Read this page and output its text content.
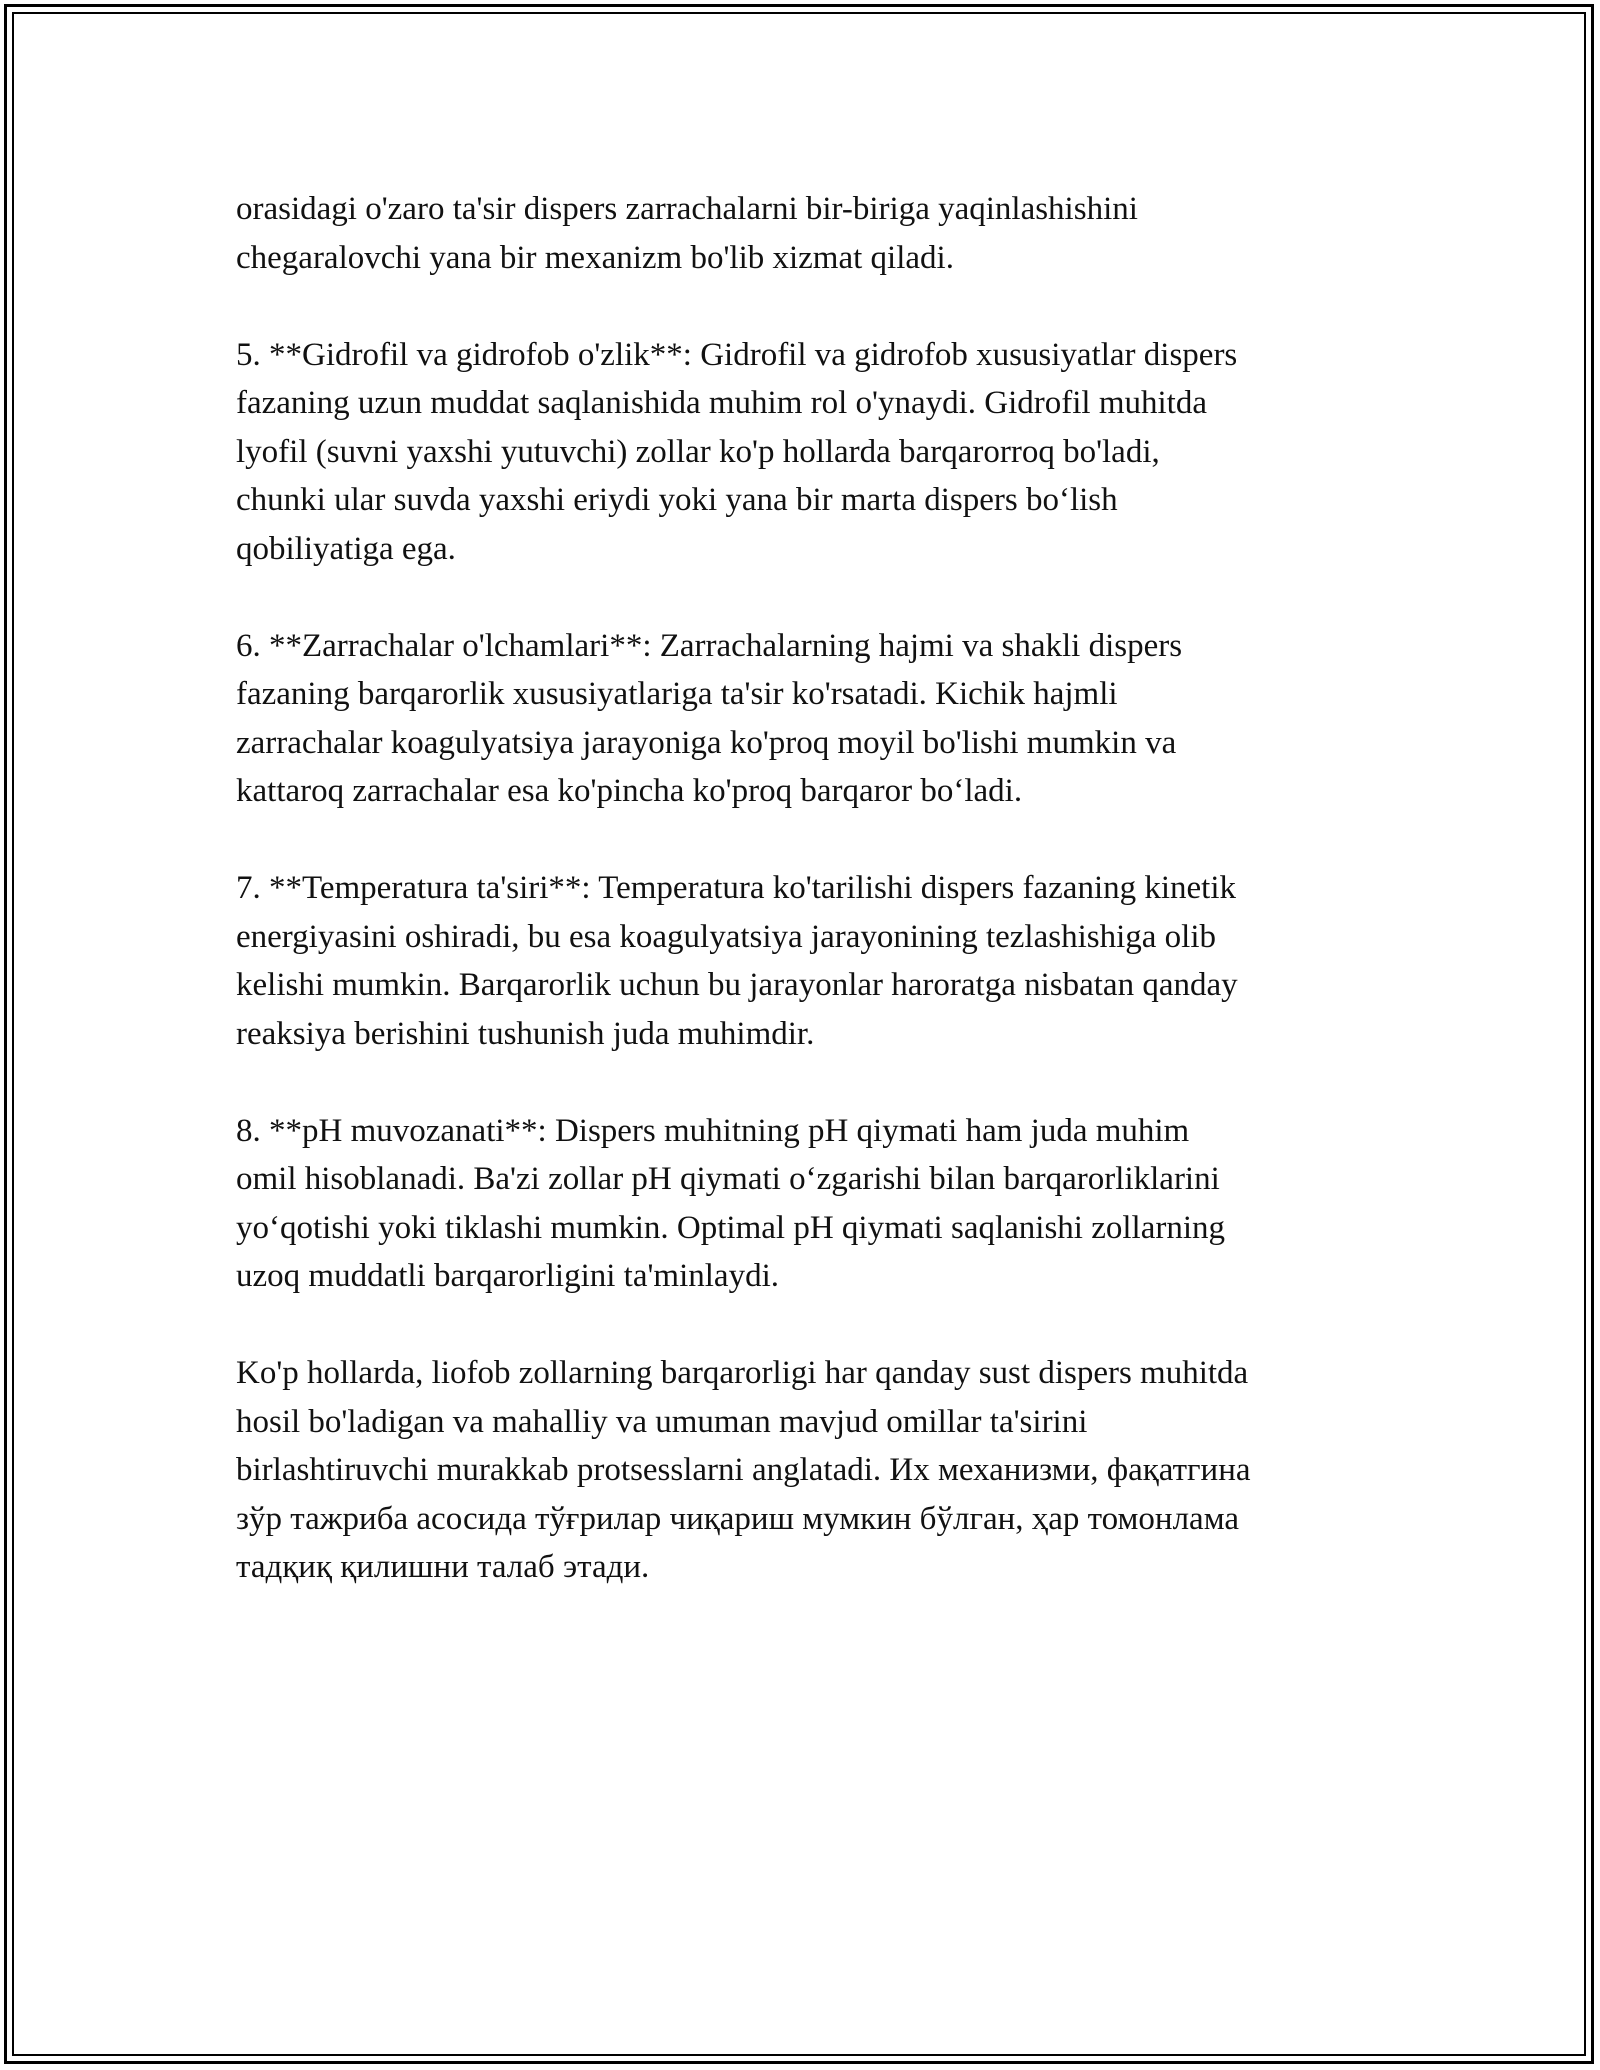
orasidagi o'zaro ta'sir dispers zarrachalarni bir-biriga yaqinlashishini
chegaralovchi yana bir mexanizm bo'lib xizmat qiladi.

5. **Gidrofil va gidrofob o'zlik**: Gidrofil va gidrofob xususiyatlar dispers
fazaning uzun muddat saqlanishida muhim rol o'ynaydi. Gidrofil muhitda
lyofil (suvni yaxshi yutuvchi) zollar ko'p hollarda barqarorroq bo'ladi,
chunki ular suvda yaxshi eriydi yoki yana bir marta dispers bo‘lish
qobiliyatiga ega.

6. **Zarrachalar o'lchamlari**: Zarrachalarning hajmi va shakli dispers
fazaning barqarorlik xususiyatlariga ta'sir ko'rsatadi. Kichik hajmli
zarrachalar koagulyatsiya jarayoniga ko'proq moyil bo'lishi mumkin va
kattaroq zarrachalar esa ko'pincha ko'proq barqaror bo‘ladi.

7. **Temperatura ta'siri**: Temperatura ko'tarilishi dispers fazaning kinetik
energiyasini oshiradi, bu esa koagulyatsiya jarayonining tezlashishiga olib
kelishi mumkin. Barqarorlik uchun bu jarayonlar haroratga nisbatan qanday
reaksiya berishini tushunish juda muhimdir.

8. **pH muvozanati**: Dispers muhitning pH qiymati ham juda muhim
omil hisoblanadi. Ba'zi zollar pH qiymati o‘zgarishi bilan barqarorliklarini
yo‘qotishi yoki tiklashi mumkin. Optimal pH qiymati saqlanishi zollarning
uzoq muddatli barqarorligini ta'minlaydi.

Ko'p hollarda, liofob zollarning barqarorligi har qanday sust dispers muhitda
hosil bo'ladigan va mahalliy va umuman mavjud omillar ta'sirini
birlashtiruvchi murakkab protsesslarni anglatadi. Их механизми, фақатгина
зўр тажриба асосида тўғрилар чиқариш мумкин бўлган, ҳар томонлама
тадқиқ қилишни талаб этади.
